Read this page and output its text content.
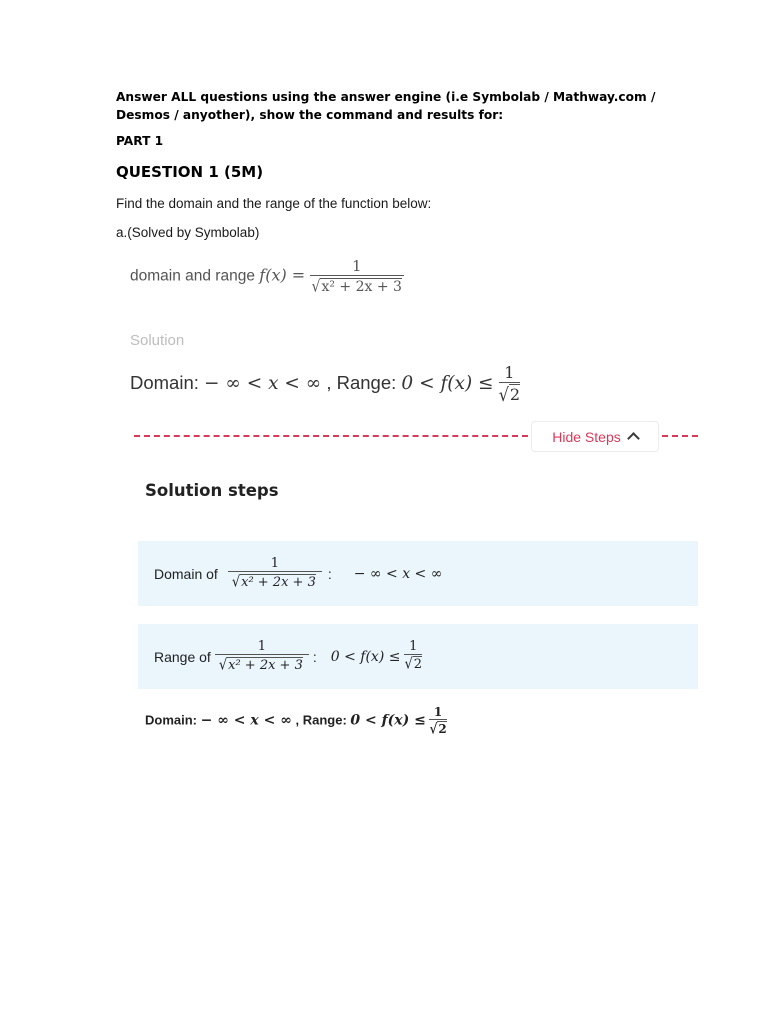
Answer ALL questions using the answer engine (i.e Symbolab / Mathway.com / Desmos / anyother), show the command and results for:
PART 1
QUESTION 1 (5M)
Find the domain and the range of the function below:
a.(Solved by Symbolab)
domain and range $f(x) = \frac{1}{\text{√x² + 2x + 3}}$
Solution
Domain: − ∞ < x < ∞ , Range: $0 < f(x) \le \frac{1}{√2}$
Hide Steps
Solution steps
Domain of $\frac{1}{\text{√x² + 2x + 3}}$ : − ∞ < x < ∞
Range of $\frac{1}{\text{√x² + 2x + 3}}$ : $0 < f(x) \le \frac{1}{√2}$
Domain: − ∞ < x < ∞ , Range: $0 < f(x) \le \frac{1}{√2}$
